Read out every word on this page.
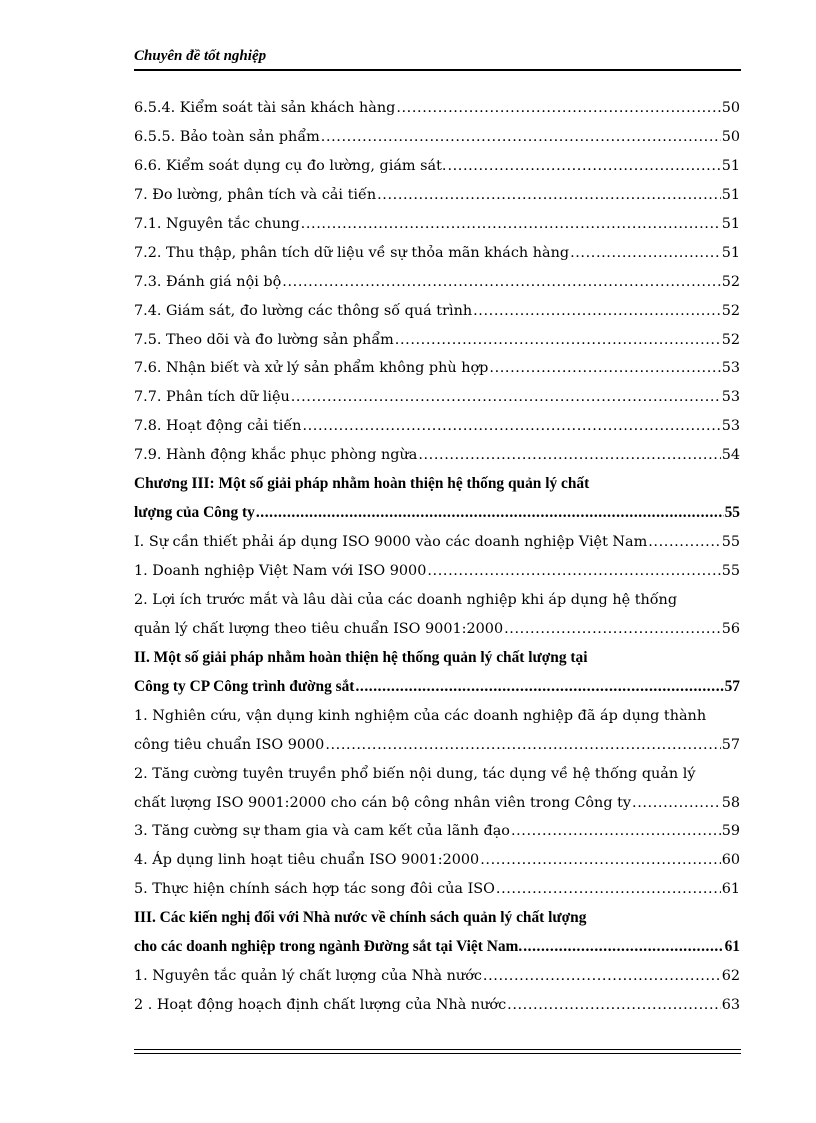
Chuyên đề tốt nghiệp
6.5.4. Kiểm soát tài sản khách hàng .....	50
6.5.5. Bảo toàn sản phẩm .....	50
6.6. Kiểm soát dụng cụ đo lường, giám sát. .....	51
7. Đo lường, phân tích và cải tiến .....	51
7.1. Nguyên tắc chung .....	51
7.2. Thu thập, phân tích dữ liệu về sự thỏa mãn khách hàng .....	51
7.3. Đánh giá nội bộ .....	52
7.4. Giám sát, đo lường các thông số quá trình .....	52
7.5. Theo dõi và đo lường sản phẩm .....	52
7.6. Nhận biết và xử lý sản phẩm không phù hợp .....	53
7.7. Phân tích dữ liệu .....	53
7.8. Hoạt động cải tiến .....	53
7.9. Hành động khắc phục phòng ngừa .....	54
Chương III: Một số giải pháp nhằm hoàn thiện hệ thống quản lý chất
lượng của Công ty .....	55
I. Sự cần thiết phải áp dụng ISO 9000 vào các doanh nghiệp Việt Nam .....	55
1. Doanh nghiệp Việt Nam với ISO 9000 .....	55
2. Lợi ích trước mắt và lâu dài của các doanh nghiệp khi áp dụng hệ thống
quản lý chất lượng theo tiêu chuẩn ISO 9001:2000 .....	56
II. Một số giải pháp nhằm hoàn thiện hệ thống quản lý chất lượng tại
Công ty CP Công trình đường sắt .....	57
1. Nghiên cứu, vận dụng kinh nghiệm của các doanh nghiệp đã áp dụng thành
công tiêu chuẩn ISO 9000 .....	57
2. Tăng cường tuyên truyền phổ biến nội dung, tác dụng về hệ thống quản lý
chất lượng ISO 9001:2000 cho cán bộ công nhân viên trong Công ty .....	58
3. Tăng cường sự tham gia và cam kết của lãnh đạo .....	59
4. Áp dụng linh hoạt tiêu chuẩn ISO 9001:2000 .....	60
5. Thực hiện chính sách hợp tác song đôi của ISO .....	61
III. Các kiến nghị đối với Nhà nước về chính sách quản lý chất lượng
cho các doanh nghiệp trong ngành Đường sắt tại Việt Nam. .....	61
1. Nguyên tắc quản lý chất lượng của Nhà nước .....	62
2 . Hoạt động hoạch định chất lượng của Nhà nước .....	63
